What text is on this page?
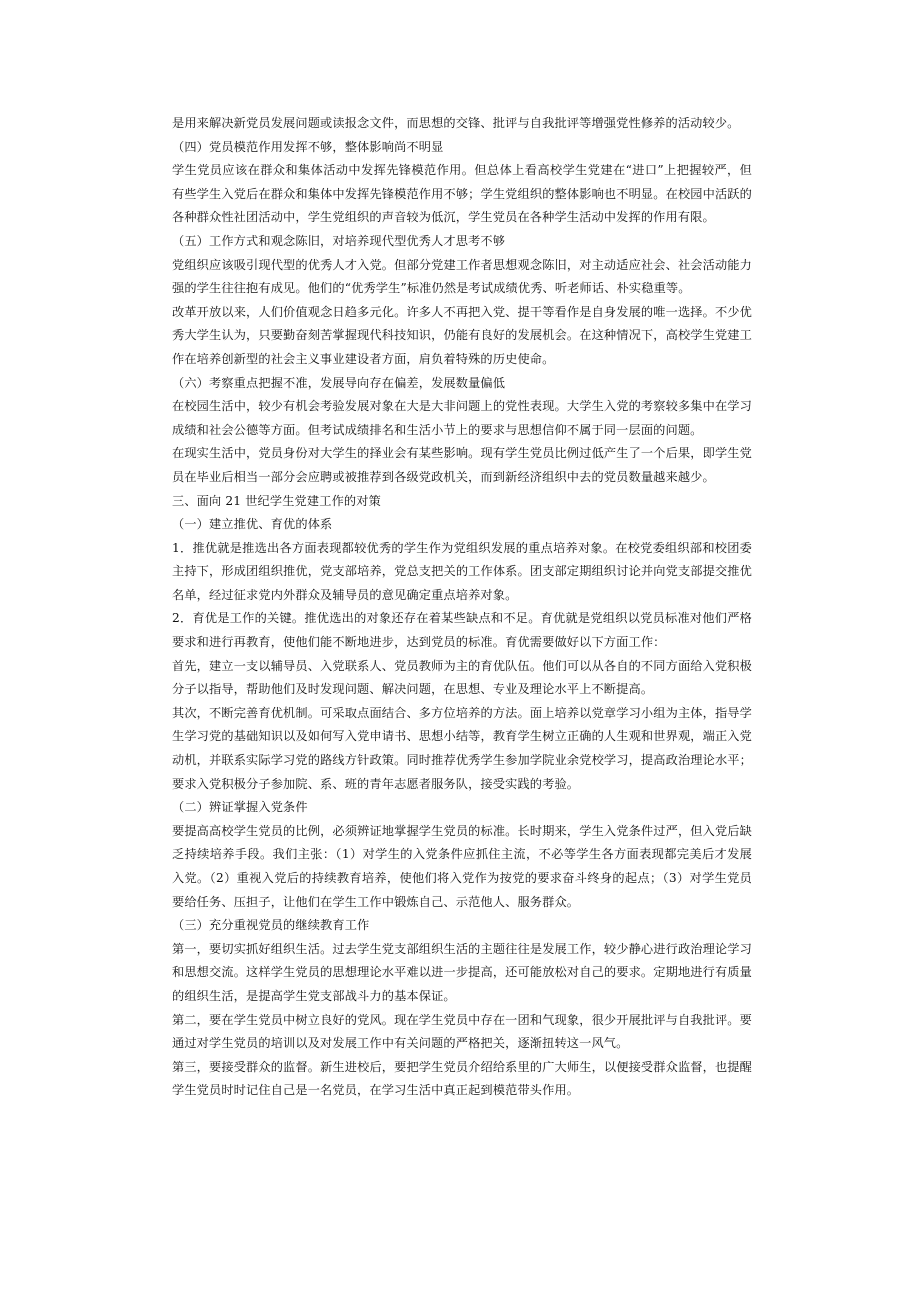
是用来解决新党员发展问题或读报念文件，而思想的交锋、批评与自我批评等增强党性修养的活动较少。

（四）党员模范作用发挥不够，整体影响尚不明显

学生党员应该在群众和集体活动中发挥先锋模范作用。但总体上看高校学生党建在“进口”上把握较严，但有些学生入党后在群众和集体中发挥先锋模范作用不够；学生党组织的整体影响也不明显。在校园中活跃的各种群众性社团活动中，学生党组织的声音较为低沉，学生党员在各种学生活动中发挥的作用有限。

（五）工作方式和观念陈旧，对培养现代型优秀人才思考不够

党组织应该吸引现代型的优秀人才入党。但部分党建工作者思想观念陈旧，对主动适应社会、社会活动能力强的学生往往抱有成见。他们的“优秀学生”标准仍然是考试成绩优秀、听老师话、朴实稳重等。

改革开放以来，人们价值观念日趋多元化。许多人不再把入党、提干等看作是自身发展的唯一选择。不少优秀大学生认为，只要勤奋刻苦掌握现代科技知识，仍能有良好的发展机会。在这种情况下，高校学生党建工作在培养创新型的社会主义事业建设者方面，肩负着特殊的历史使命。

（六）考察重点把握不准，发展导向存在偏差，发展数量偏低

在校园生活中，较少有机会考验发展对象在大是大非问题上的党性表现。大学生入党的考察较多集中在学习成绩和社会公德等方面。但考试成绩排名和生活小节上的要求与思想信仰不属于同一层面的问题。

在现实生活中，党员身份对大学生的择业会有某些影响。现有学生党员比例过低产生了一个后果，即学生党员在毕业后相当一部分会应聘或被推荐到各级党政机关，而到新经济组织中去的党员数量越来越少。

三、面向 21 世纪学生党建工作的对策

（一）建立推优、育优的体系

1．推优就是推选出各方面表现都较优秀的学生作为党组织发展的重点培养对象。在校党委组织部和校团委主持下，形成团组织推优，党支部培养，党总支把关的工作体系。团支部定期组织讨论并向党支部提交推优名单，经过征求党内外群众及辅导员的意见确定重点培养对象。

2．育优是工作的关键。推优选出的对象还存在着某些缺点和不足。育优就是党组织以党员标准对他们严格要求和进行再教育，使他们能不断地进步，达到党员的标准。育优需要做好以下方面工作：

首先，建立一支以辅导员、入党联系人、党员教师为主的育优队伍。他们可以从各自的不同方面给入党积极分子以指导，帮助他们及时发现问题、解决问题，在思想、专业及理论水平上不断提高。

其次，不断完善育优机制。可采取点面结合、多方位培养的方法。面上培养以党章学习小组为主体，指导学生学习党的基础知识以及如何写入党申请书、思想小结等，教育学生树立正确的人生观和世界观，端正入党动机，并联系实际学习党的路线方针政策。同时推荐优秀学生参加学院业余党校学习，提高政治理论水平；要求入党积极分子参加院、系、班的青年志愿者服务队，接受实践的考验。

（二）辨证掌握入党条件

要提高高校学生党员的比例，必须辨证地掌握学生党员的标准。长时期来，学生入党条件过严，但入党后缺乏持续培养手段。我们主张：（1）对学生的入党条件应抓住主流，不必等学生各方面表现都完美后才发展入党。（2）重视入党后的持续教育培养，使他们将入党作为按党的要求奋斗终身的起点；（3）对学生党员要给任务、压担子，让他们在学生工作中锻炼自己、示范他人、服务群众。

（三）充分重视党员的继续教育工作

第一，要切实抓好组织生活。过去学生党支部组织生活的主题往往是发展工作，较少静心进行政治理论学习和思想交流。这样学生党员的思想理论水平难以进一步提高，还可能放松对自己的要求。定期地进行有质量的组织生活，是提高学生党支部战斗力的基本保证。

第二，要在学生党员中树立良好的党风。现在学生党员中存在一团和气现象，很少开展批评与自我批评。要通过对学生党员的培训以及对发展工作中有关问题的严格把关，逐渐扭转这一风气。

第三，要接受群众的监督。新生进校后，要把学生党员介绍给系里的广大师生，以便接受群众监督，也提醒学生党员时时记住自己是一名党员，在学习生活中真正起到模范带头作用。
